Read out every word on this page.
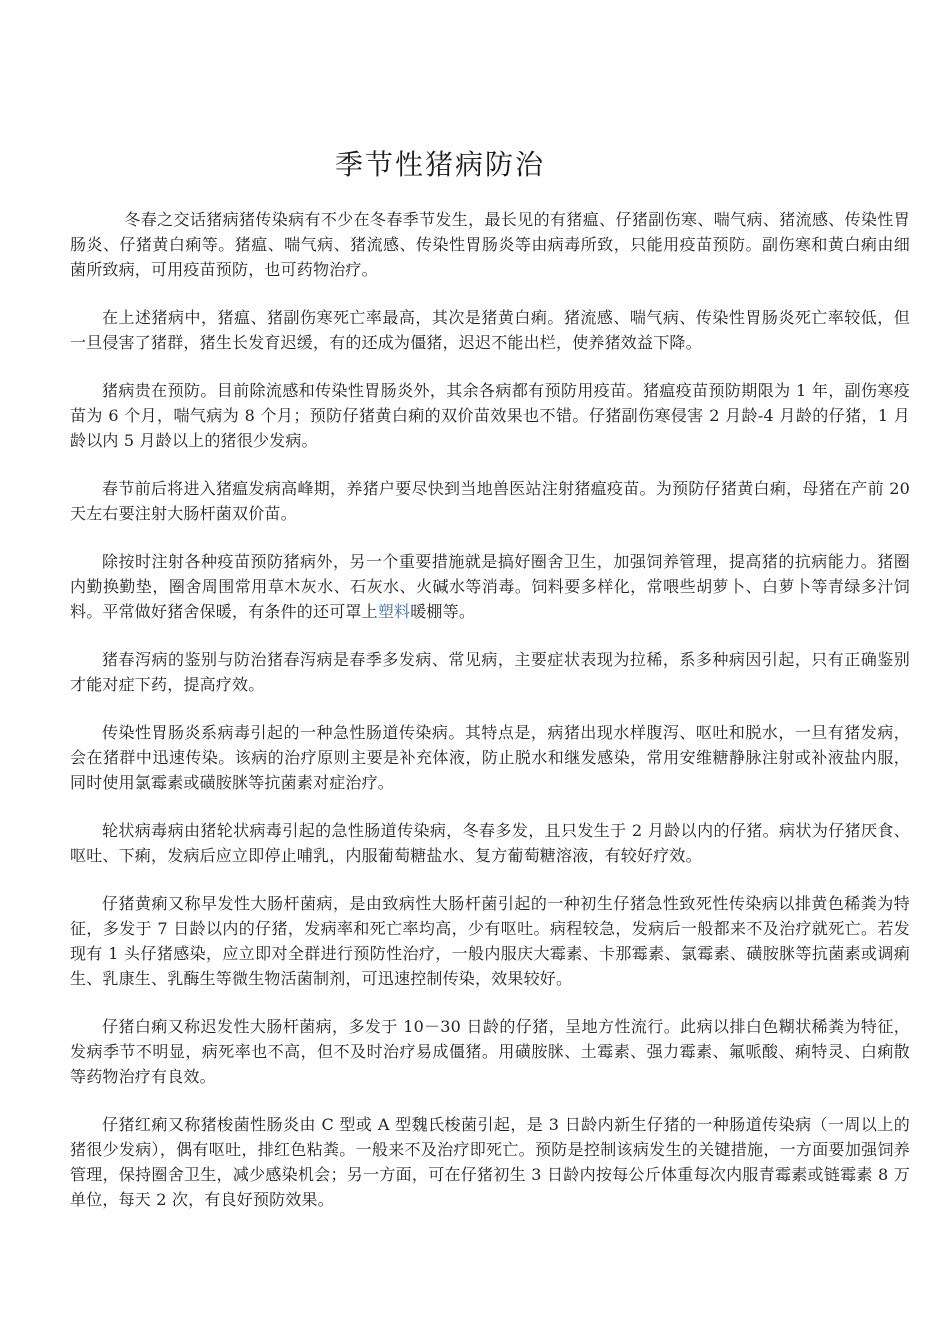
季节性猪病防治

冬春之交话猪病猪传染病有不少在冬春季节发生，最长见的有猪瘟、仔猪副伤寒、喘气病、猪流感、传染性胃肠炎、仔猪黄白痢等。猪瘟、喘气病、猪流感、传染性胃肠炎等由病毒所致，只能用疫苗预防。副伤寒和黄白痢由细菌所致病，可用疫苗预防，也可药物治疗。

在上述猪病中，猪瘟、猪副伤寒死亡率最高，其次是猪黄白痢。猪流感、喘气病、传染性胃肠炎死亡率较低，但一旦侵害了猪群，猪生长发育迟缓，有的还成为僵猪，迟迟不能出栏，使养猪效益下降。

猪病贵在预防。目前除流感和传染性胃肠炎外，其余各病都有预防用疫苗。猪瘟疫苗预防期限为 1 年，副伤寒疫苗为 6 个月，喘气病为 8 个月；预防仔猪黄白痢的双价苗效果也不错。仔猪副伤寒侵害 2 月龄-4 月龄的仔猪，1 月龄以内 5 月龄以上的猪很少发病。

春节前后将进入猪瘟发病高峰期，养猪户要尽快到当地兽医站注射猪瘟疫苗。为预防仔猪黄白痢，母猪在产前 20 天左右要注射大肠杆菌双价苗。

除按时注射各种疫苗预防猪病外，另一个重要措施就是搞好圈舍卫生，加强饲养管理，提高猪的抗病能力。猪圈内勤换勤垫，圈舍周围常用草木灰水、石灰水、火碱水等消毒。饲料要多样化，常喂些胡萝卜、白萝卜等青绿多汁饲料。平常做好猪舍保暖，有条件的还可罩上塑料暖棚等。

猪春泻病的鉴别与防治猪春泻病是春季多发病、常见病，主要症状表现为拉稀，系多种病因引起，只有正确鉴别才能对症下药，提高疗效。

传染性胃肠炎系病毒引起的一种急性肠道传染病。其特点是，病猪出现水样腹泻、呕吐和脱水，一旦有猪发病，会在猪群中迅速传染。该病的治疗原则主要是补充体液，防止脱水和继发感染，常用安维糖静脉注射或补液盐内服，同时使用氯霉素或磺胺脒等抗菌素对症治疗。

轮状病毒病由猪轮状病毒引起的急性肠道传染病，冬春多发，且只发生于 2 月龄以内的仔猪。病状为仔猪厌食、呕吐、下痢，发病后应立即停止哺乳，内服葡萄糖盐水、复方葡萄糖溶液，有较好疗效。

仔猪黄痢又称早发性大肠杆菌病，是由致病性大肠杆菌引起的一种初生仔猪急性致死性传染病以排黄色稀粪为特征，多发于 7 日龄以内的仔猪，发病率和死亡率均高，少有呕吐。病程较急，发病后一般都来不及治疗就死亡。若发现有 1 头仔猪感染，应立即对全群进行预防性治疗，一般内服庆大霉素、卡那霉素、氯霉素、磺胺脒等抗菌素或调痢生、乳康生、乳酶生等微生物活菌制剂，可迅速控制传染，效果较好。

仔猪白痢又称迟发性大肠杆菌病，多发于 10－30 日龄的仔猪，呈地方性流行。此病以排白色糊状稀粪为特征，发病季节不明显，病死率也不高，但不及时治疗易成僵猪。用磺胺脒、土霉素、强力霉素、氟哌酸、痢特灵、白痢散等药物治疗有良效。

仔猪红痢又称猪梭菌性肠炎由 C 型或 A 型魏氏梭菌引起，是 3 日龄内新生仔猪的一种肠道传染病（一周以上的猪很少发病），偶有呕吐，排红色粘粪。一般来不及治疗即死亡。预防是控制该病发生的关键措施，一方面要加强饲养管理，保持圈舍卫生，减少感染机会；另一方面，可在仔猪初生 3 日龄内按每公斤体重每次内服青霉素或链霉素 8 万单位，每天 2 次，有良好预防效果。
